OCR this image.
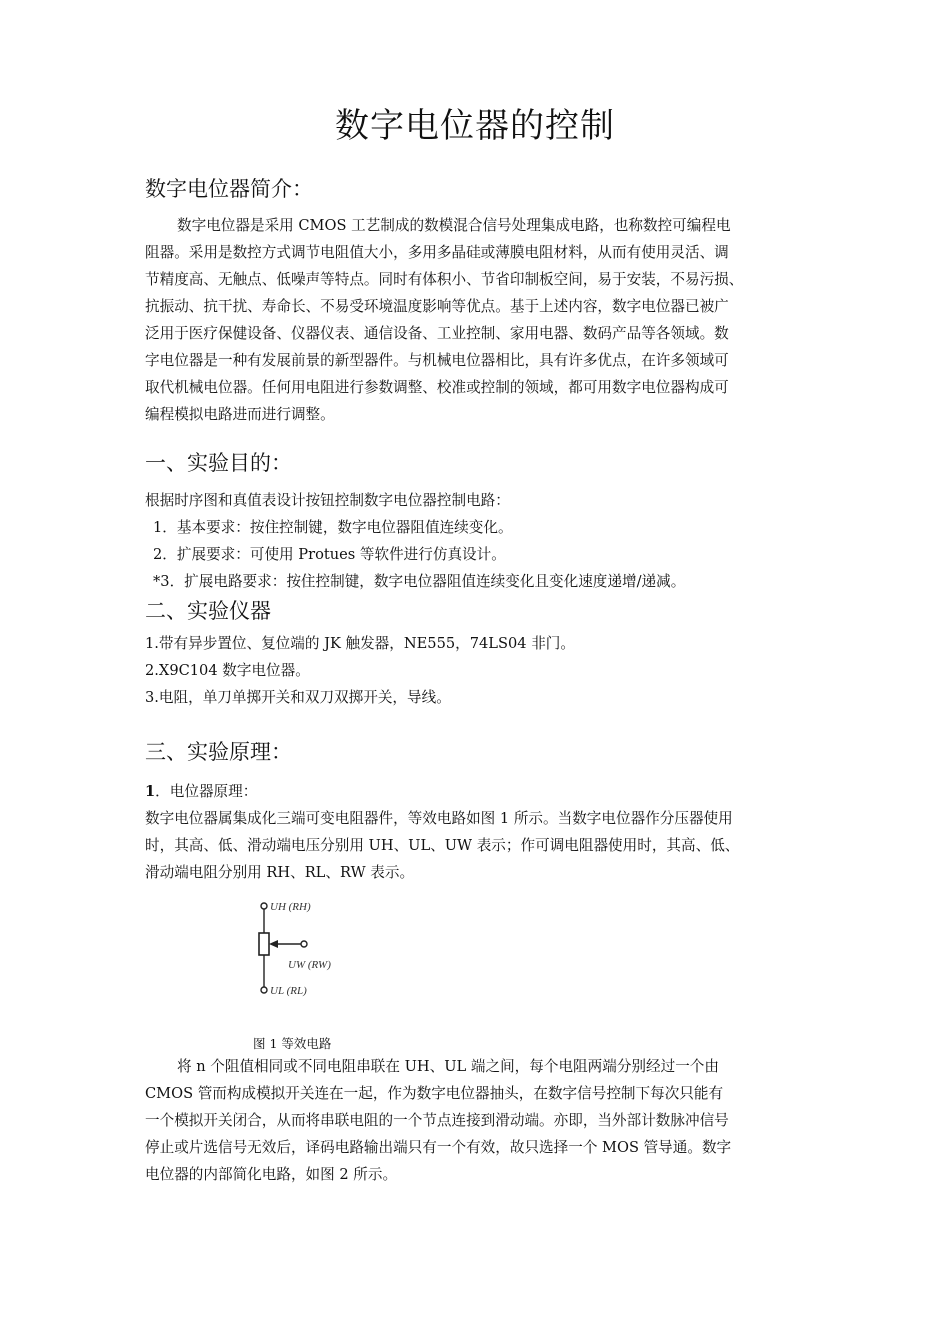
数字电位器的控制
数字电位器简介：
数字电位器是采用 CMOS 工艺制成的数模混合信号处理集成电路，也称数控可编程电
阻器。采用是数控方式调节电阻值大小，多用多晶硅或薄膜电阻材料，从而有使用灵活、调
节精度高、无触点、低噪声等特点。同时有体积小、节省印制板空间，易于安装，不易污损、
抗振动、抗干扰、寿命长、不易受环境温度影响等优点。基于上述内容，数字电位器已被广
泛用于医疗保健设备、仪器仪表、通信设备、工业控制、家用电器、数码产品等各领域。数
字电位器是一种有发展前景的新型器件。与机械电位器相比，具有许多优点，在许多领域可
取代机械电位器。任何用电阻进行参数调整、校准或控制的领域，都可用数字电位器构成可
编程模拟电路进而进行调整。
一、实验目的：
根据时序图和真值表设计按钮控制数字电位器控制电路：
1．基本要求：按住控制键，数字电位器阻值连续变化。
2．扩展要求：可使用 Protues 等软件进行仿真设计。
*3．扩展电路要求：按住控制键，数字电位器阻值连续变化且变化速度递增/递减。
二、实验仪器
1.带有异步置位、复位端的 JK 触发器，NE555，74LS04 非门。
2.X9C104 数字电位器。
3.电阻，单刀单掷开关和双刀双掷开关，导线。
三、实验原理：
1．电位器原理：
数字电位器属集成化三端可变电阻器件，等效电路如图 1 所示。当数字电位器作分压器使用
时，其高、低、滑动端电压分别用 UH、UL、UW 表示；作可调电阻器使用时，其高、低、
滑动端电阻分别用 RH、RL、RW 表示。
UH (RH)
UW (RW)
UL (RL)
图 1 等效电路
将 n 个阻值相同或不同电阻串联在 UH、UL 端之间，每个电阻两端分别经过一个由
CMOS 管而构成模拟开关连在一起，作为数字电位器抽头，在数字信号控制下每次只能有
一个模拟开关闭合，从而将串联电阻的一个节点连接到滑动端。亦即，当外部计数脉冲信号
停止或片选信号无效后，译码电路输出端只有一个有效，故只选择一个 MOS 管导通。数字
电位器的内部简化电路，如图 2 所示。
